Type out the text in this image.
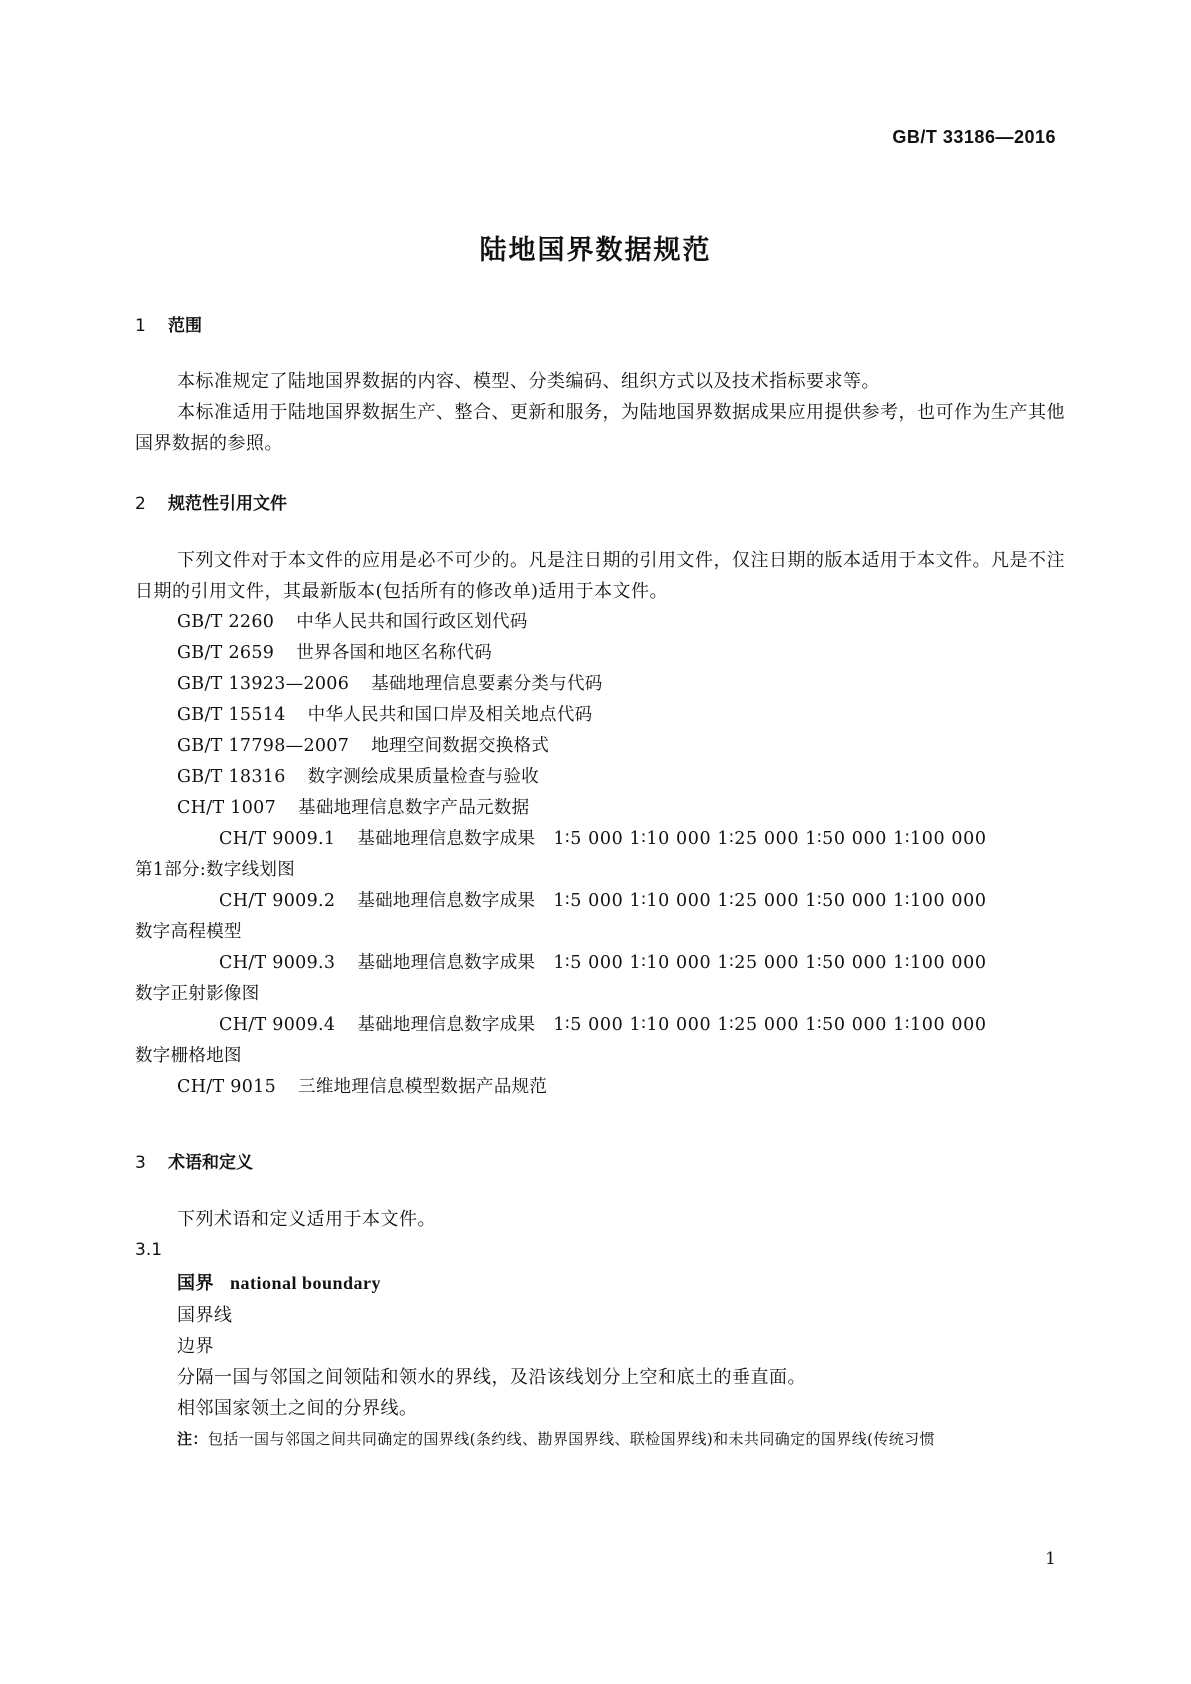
GB/T 33186—2016
陆地国界数据规范
1 范围
本标准规定了陆地国界数据的内容、模型、分类编码、组织方式以及技术指标要求等。
本标准适用于陆地国界数据生产、整合、更新和服务，为陆地国界数据成果应用提供参考，也可作为生产其他国界数据的参照。
2 规范性引用文件
下列文件对于本文件的应用是必不可少的。凡是注日期的引用文件，仅注日期的版本适用于本文件。凡是不注日期的引用文件，其最新版本(包括所有的修改单)适用于本文件。
GB/T 2260 中华人民共和国行政区划代码
GB/T 2659 世界各国和地区名称代码
GB/T 13923—2006 基础地理信息要素分类与代码
GB/T 15514 中华人民共和国口岸及相关地点代码
GB/T 17798—2007 地理空间数据交换格式
GB/T 18316 数字测绘成果质量检查与验收
CH/T 1007 基础地理信息数字产品元数据
CH/T 9009.1 基础地理信息数字成果 1∶5 000 1∶10 000 1∶25 000 1∶50 000 1∶100 000
第1部分:数字线划图
CH/T 9009.2 基础地理信息数字成果 1∶5 000 1∶10 000 1∶25 000 1∶50 000 1∶100 000
数字高程模型
CH/T 9009.3 基础地理信息数字成果 1∶5 000 1∶10 000 1∶25 000 1∶50 000 1∶100 000
数字正射影像图
CH/T 9009.4 基础地理信息数字成果 1∶5 000 1∶10 000 1∶25 000 1∶50 000 1∶100 000
数字栅格地图
CH/T 9015 三维地理信息模型数据产品规范
3 术语和定义
下列术语和定义适用于本文件。
3.1
国界 national boundary
国界线
边界
分隔一国与邻国之间领陆和领水的界线，及沿该线划分上空和底土的垂直面。
相邻国家领土之间的分界线。
注：包括一国与邻国之间共同确定的国界线(条约线、勘界国界线、联检国界线)和未共同确定的国界线(传统习惯
1
